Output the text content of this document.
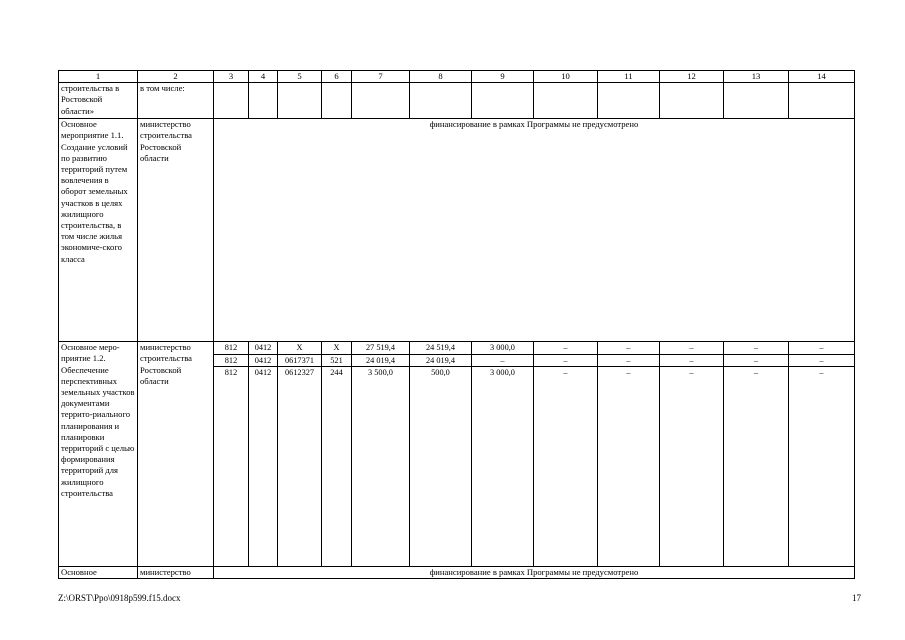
1	2	3	4	5	6	7	8	9	10	11	12	13	14
строительства в Ростовской области»	в том числе:												
Основное мероприятие 1.1. Создание условий по развитию территорий путем вовлечения в оборот земельных участков в целях жилищного строительства, в том числе жилья экономиче-ского класса	министерство строительства Ростовской области	финансирование в рамках Программы не предусмотрено											
Основное меро-приятие 1.2. Обеспечение перспективных земельных участков документами террито-риального планирования и планировки территорий с целью формирования территорий для жилищного строительства	министерство строительства Ростовской области	812	0412	X	X	27 519,4	24 519,4	3 000,0	–	–	–	–	–
		812	0412	0617371	521	24 019,4	24 019,4	–	–	–	–	–	–
		812	0412	0612327	244	3 500,0	500,0	3 000,0	–	–	–	–	–
Основное	министерство	финансирование в рамках Программы не предусмотрено											
Z:\ORST\Ppo\0918p599.f15.docx	17
